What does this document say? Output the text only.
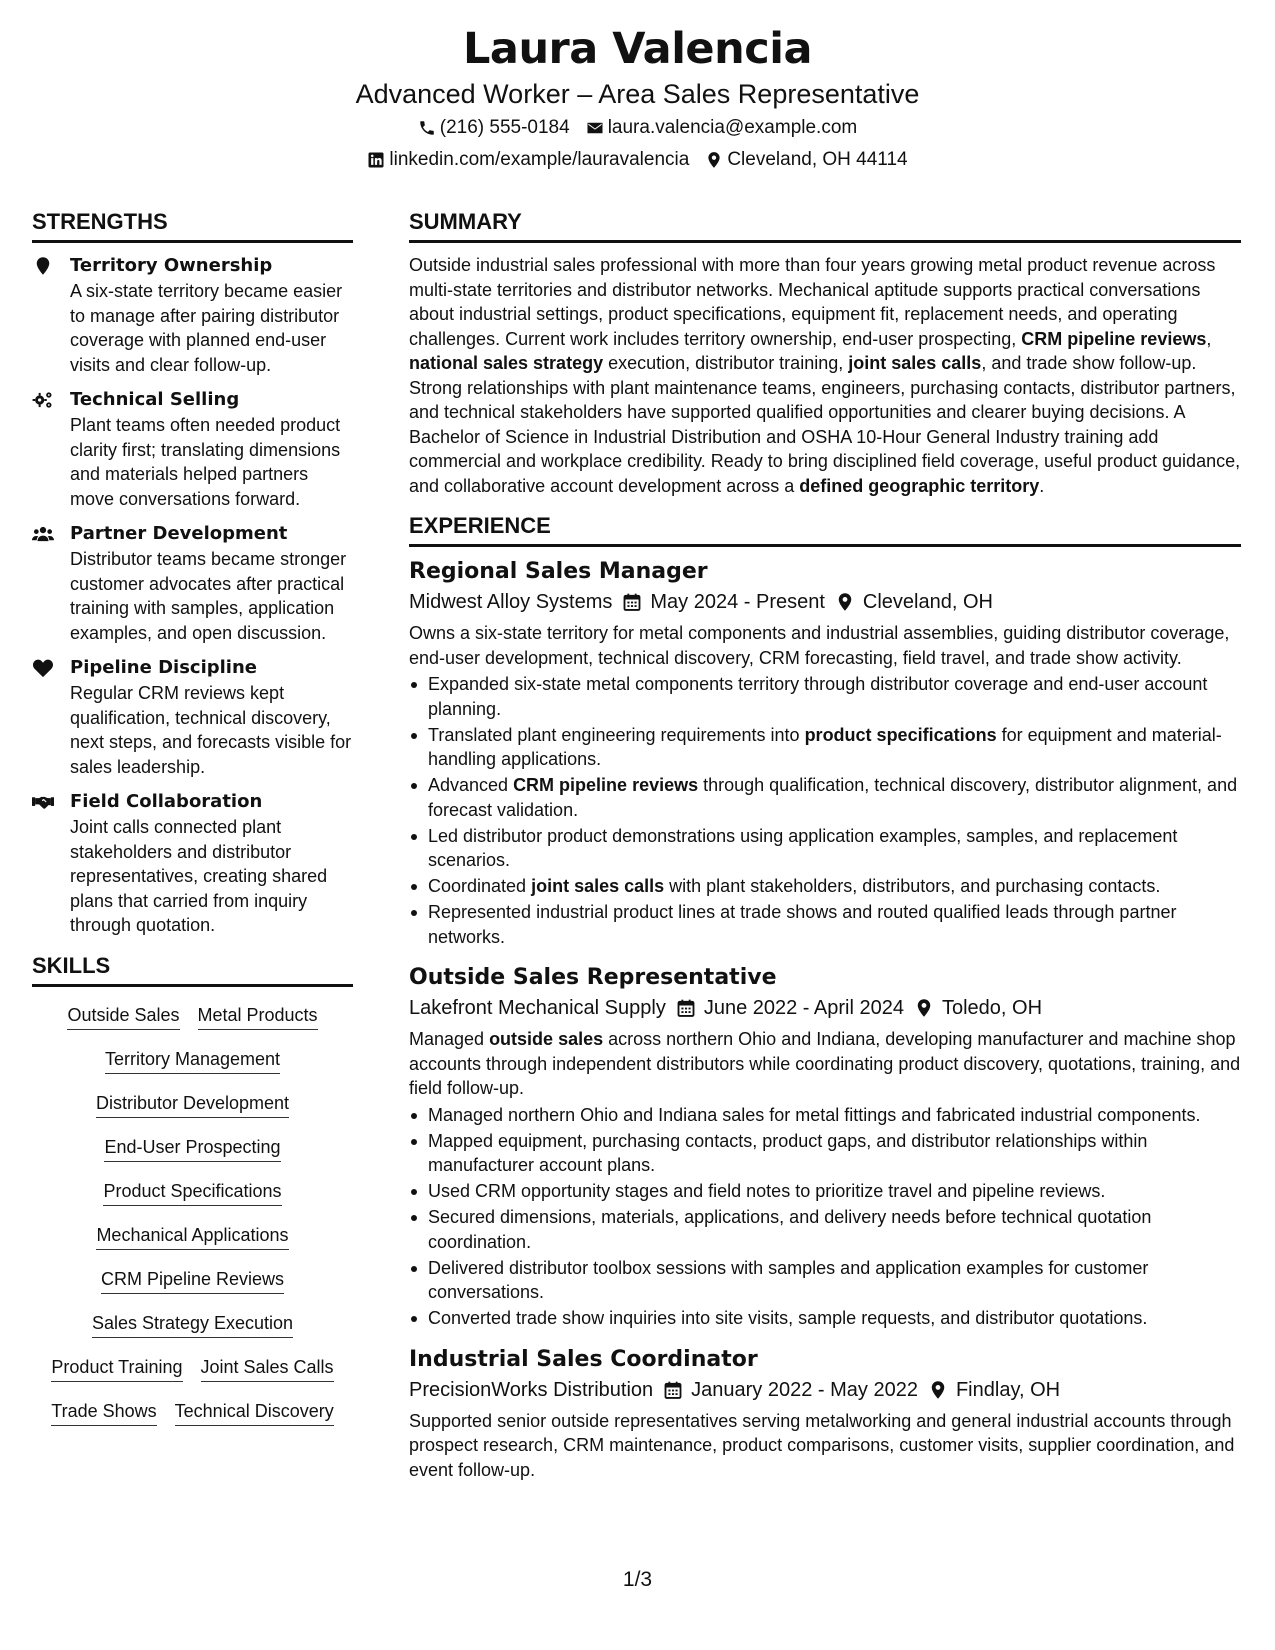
Laura Valencia
Advanced Worker – Area Sales Representative
(216) 555-0184 laura.valencia@example.com
linkedin.com/example/lauravalencia Cleveland, OH 44114
STRENGTHS
Territory Ownership
A six-state territory became easier to manage after pairing distributor coverage with planned end-user visits and clear follow-up.
Technical Selling
Plant teams often needed product clarity first; translating dimensions and materials helped partners move conversations forward.
Partner Development
Distributor teams became stronger customer advocates after practical training with samples, application examples, and open discussion.
Pipeline Discipline
Regular CRM reviews kept qualification, technical discovery, next steps, and forecasts visible for sales leadership.
Field Collaboration
Joint calls connected plant stakeholders and distributor representatives, creating shared plans that carried from inquiry through quotation.
SKILLS
Outside Sales Metal Products
Territory Management
Distributor Development
End-User Prospecting
Product Specifications
Mechanical Applications
CRM Pipeline Reviews
Sales Strategy Execution
Product Training Joint Sales Calls
Trade Shows Technical Discovery
SUMMARY

Outside industrial sales professional with more than four years growing metal product revenue across multi-state territories and distributor networks. Mechanical aptitude supports practical conversations about industrial settings, product specifications, equipment fit, replacement needs, and operating challenges. Current work includes territory ownership, end-user prospecting, CRM pipeline reviews, national sales strategy execution, distributor training, joint sales calls, and trade show follow-up. Strong relationships with plant maintenance teams, engineers, purchasing contacts, distributor partners, and technical stakeholders have supported qualified opportunities and clearer buying decisions. A Bachelor of Science in Industrial Distribution and OSHA 10-Hour General Industry training add commercial and workplace credibility. Ready to bring disciplined field coverage, useful product guidance, and collaborative account development across a defined geographic territory.

EXPERIENCE
Regional Sales Manager
Midwest Alloy Systems May 2024 - Present Cleveland, OH
Owns a six-state territory for metal components and industrial assemblies, guiding distributor coverage, end-user development, technical discovery, CRM forecasting, field travel, and trade show activity.
Expanded six-state metal components territory through distributor coverage and end-user account planning.
Translated plant engineering requirements into product specifications for equipment and material-handling applications.
Advanced CRM pipeline reviews through qualification, technical discovery, distributor alignment, and forecast validation.
Led distributor product demonstrations using application examples, samples, and replacement scenarios.
Coordinated joint sales calls with plant stakeholders, distributors, and purchasing contacts.
Represented industrial product lines at trade shows and routed qualified leads through partner networks.
Outside Sales Representative
Lakefront Mechanical Supply June 2022 - April 2024 Toledo, OH
Managed outside sales across northern Ohio and Indiana, developing manufacturer and machine shop accounts through independent distributors while coordinating product discovery, quotations, training, and field follow-up.
Managed northern Ohio and Indiana sales for metal fittings and fabricated industrial components.
Mapped equipment, purchasing contacts, product gaps, and distributor relationships within manufacturer account plans.
Used CRM opportunity stages and field notes to prioritize travel and pipeline reviews.
Secured dimensions, materials, applications, and delivery needs before technical quotation coordination.
Delivered distributor toolbox sessions with samples and application examples for customer conversations.
Converted trade show inquiries into site visits, sample requests, and distributor quotations.
Industrial Sales Coordinator
PrecisionWorks Distribution January 2022 - May 2022 Findlay, OH
Supported senior outside representatives serving metalworking and general industrial accounts through prospect research, CRM maintenance, product comparisons, customer visits, supplier coordination, and event follow-up.
1/3
